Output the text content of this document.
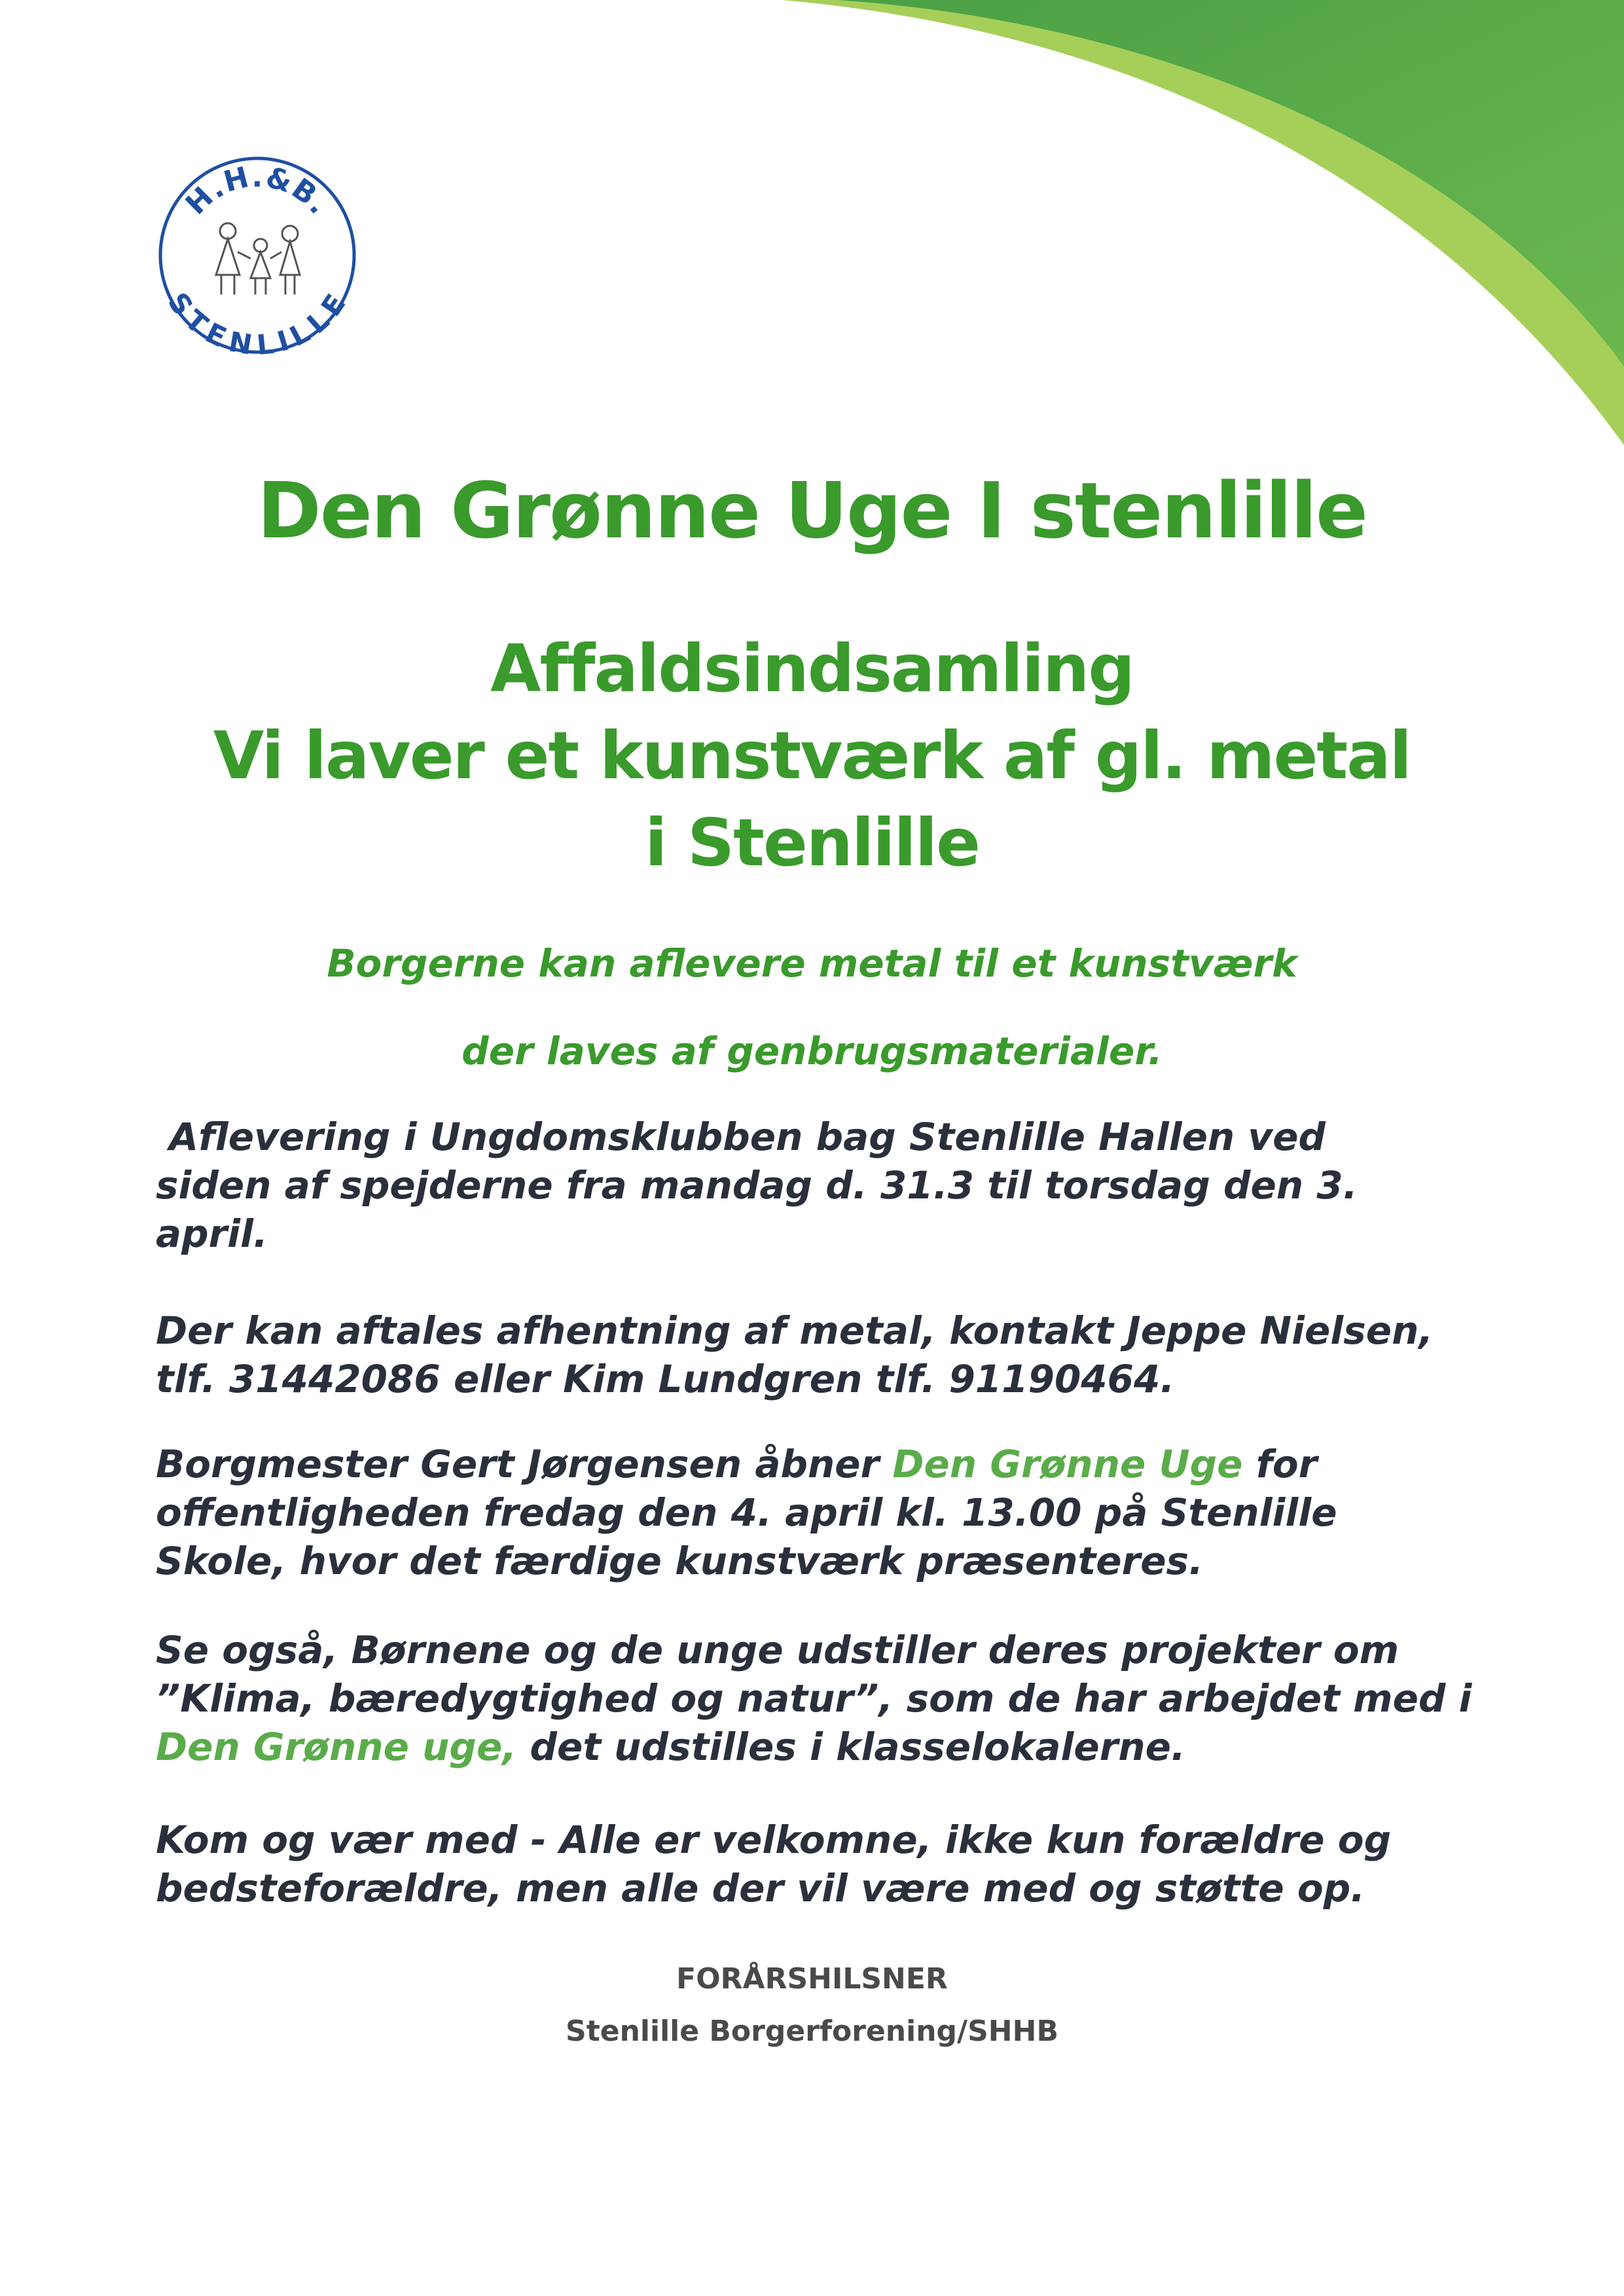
H.H.&B.
STENLILLE
Den Grønne Uge I stenlille
Affaldsindsamling
Vi laver et kunstværk af gl. metal
i Stenlille
Borgerne kan aflevere metal til et kunstværk
der laves af genbrugsmaterialer.
Aflevering i Ungdomsklubben bag Stenlille Hallen ved
siden af spejderne fra mandag d. 31.3 til torsdag den 3.
april.
Der kan aftales afhentning af metal, kontakt Jeppe Nielsen,
tlf. 31442086 eller Kim Lundgren tlf. 91190464.
Borgmester Gert Jørgensen åbner Den Grønne Uge for
offentligheden fredag den 4. april kl. 13.00 på Stenlille
Skole, hvor det færdige kunstværk præsenteres.
Se også, Børnene og de unge udstiller deres projekter om
”Klima, bæredygtighed og natur”, som de har arbejdet med i
Den Grønne uge, det udstilles i klasselokalerne.
Kom og vær med - Alle er velkomne, ikke kun forældre og
bedsteforældre, men alle der vil være med og støtte op.
FORÅRSHILSNER
Stenlille Borgerforening/SHHB
